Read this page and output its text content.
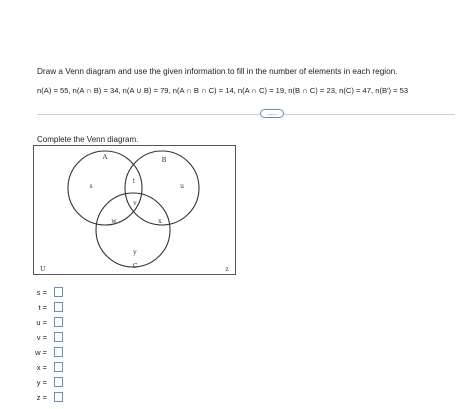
Draw a Venn diagram and use the given information to fill in the number of elements in each region.

n(A) = 55, n(A ∩ B) = 34, n(A ∪ B) = 79, n(A ∩ B ∩ C) = 14, n(A ∩ C) = 19, n(B ∩ C) = 23, n(C) = 47, n(B′) = 53

.....

Complete the Venn diagram.

A	B
C
U
s
t
u
v
w	x
y
z
s =
t =
u =
v =
w =
x =
y =
z =
